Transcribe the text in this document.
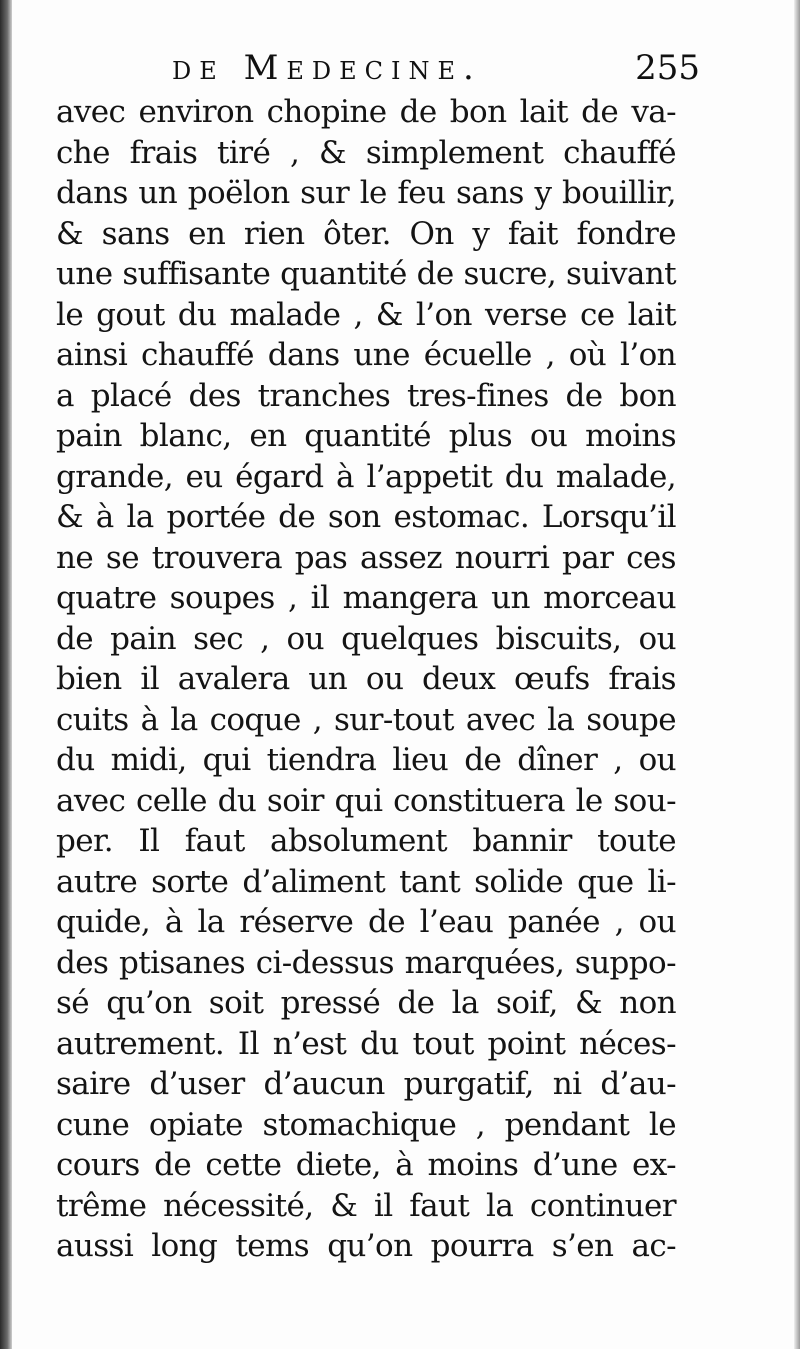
de Medecine.	255
avec environ chopine de bon lait de va-
che frais tiré , & simplement chauffé
dans un poëlon sur le feu sans y bouillir,
& sans en rien ôter. On y fait fondre
une suffisante quantité de sucre, suivant
le gout du malade , & l’on verse ce lait
ainsi chauffé dans une écuelle , où l’on
a placé des tranches tres-fines de bon
pain blanc, en quantité plus ou moins
grande, eu égard à l’appetit du malade,
& à la portée de son estomac. Lorsqu’il
ne se trouvera pas assez nourri par ces
quatre soupes , il mangera un morceau
de pain sec , ou quelques biscuits, ou
bien il avalera un ou deux œufs frais
cuits à la coque , sur-tout avec la soupe
du midi, qui tiendra lieu de dîner , ou
avec celle du soir qui constituera le sou-
per. Il faut absolument bannir toute
autre sorte d’aliment tant solide que li-
quide, à la réserve de l’eau panée , ou
des ptisanes ci-dessus marquées, suppo-
sé qu’on soit pressé de la soif, & non
autrement. Il n’est du tout point néces-
saire d’user d’aucun purgatif, ni d’au-
cune opiate stomachique , pendant le
cours de cette diete, à moins d’une ex-
trême nécessité, & il faut la continuer
aussi long tems qu’on pourra s’en ac-
